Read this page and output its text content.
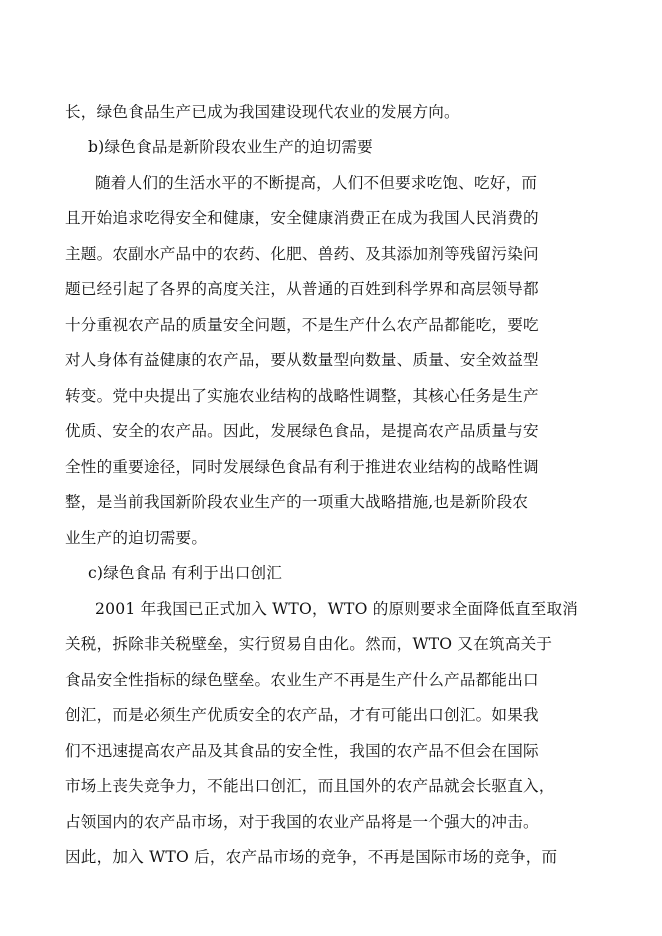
长，绿色食品生产已成为我国建设现代农业的发展方向。
b)绿色食品是新阶段农业生产的迫切需要
随着人们的生活水平的不断提高，人们不但要求吃饱、吃好，而
且开始追求吃得安全和健康，安全健康消费正在成为我国人民消费的
主题。农副水产品中的农药、化肥、兽药、及其添加剂等残留污染问
题已经引起了各界的高度关注，从普通的百姓到科学界和高层领导都
十分重视农产品的质量安全问题，不是生产什么农产品都能吃，要吃
对人身体有益健康的农产品，要从数量型向数量、质量、安全效益型
转变。党中央提出了实施农业结构的战略性调整，其核心任务是生产
优质、安全的农产品。因此，发展绿色食品，是提高农产品质量与安
全性的重要途径，同时发展绿色食品有利于推进农业结构的战略性调
整，是当前我国新阶段农业生产的一项重大战略措施,也是新阶段农
业生产的迫切需要。
c)绿色食品 有利于出口创汇
2001 年我国已正式加入 WTO，WTO 的原则要求全面降低直至取消
关税，拆除非关税壁垒，实行贸易自由化。然而，WTO 又在筑高关于
食品安全性指标的绿色壁垒。农业生产不再是生产什么产品都能出口
创汇，而是必须生产优质安全的农产品，才有可能出口创汇。如果我
们不迅速提高农产品及其食品的安全性，我国的农产品不但会在国际
市场上丧失竞争力，不能出口创汇，而且国外的农产品就会长驱直入，
占领国内的农产品市场，对于我国的农业产品将是一个强大的冲击。
因此，加入 WTO 后，农产品市场的竞争，不再是国际市场的竞争，而
